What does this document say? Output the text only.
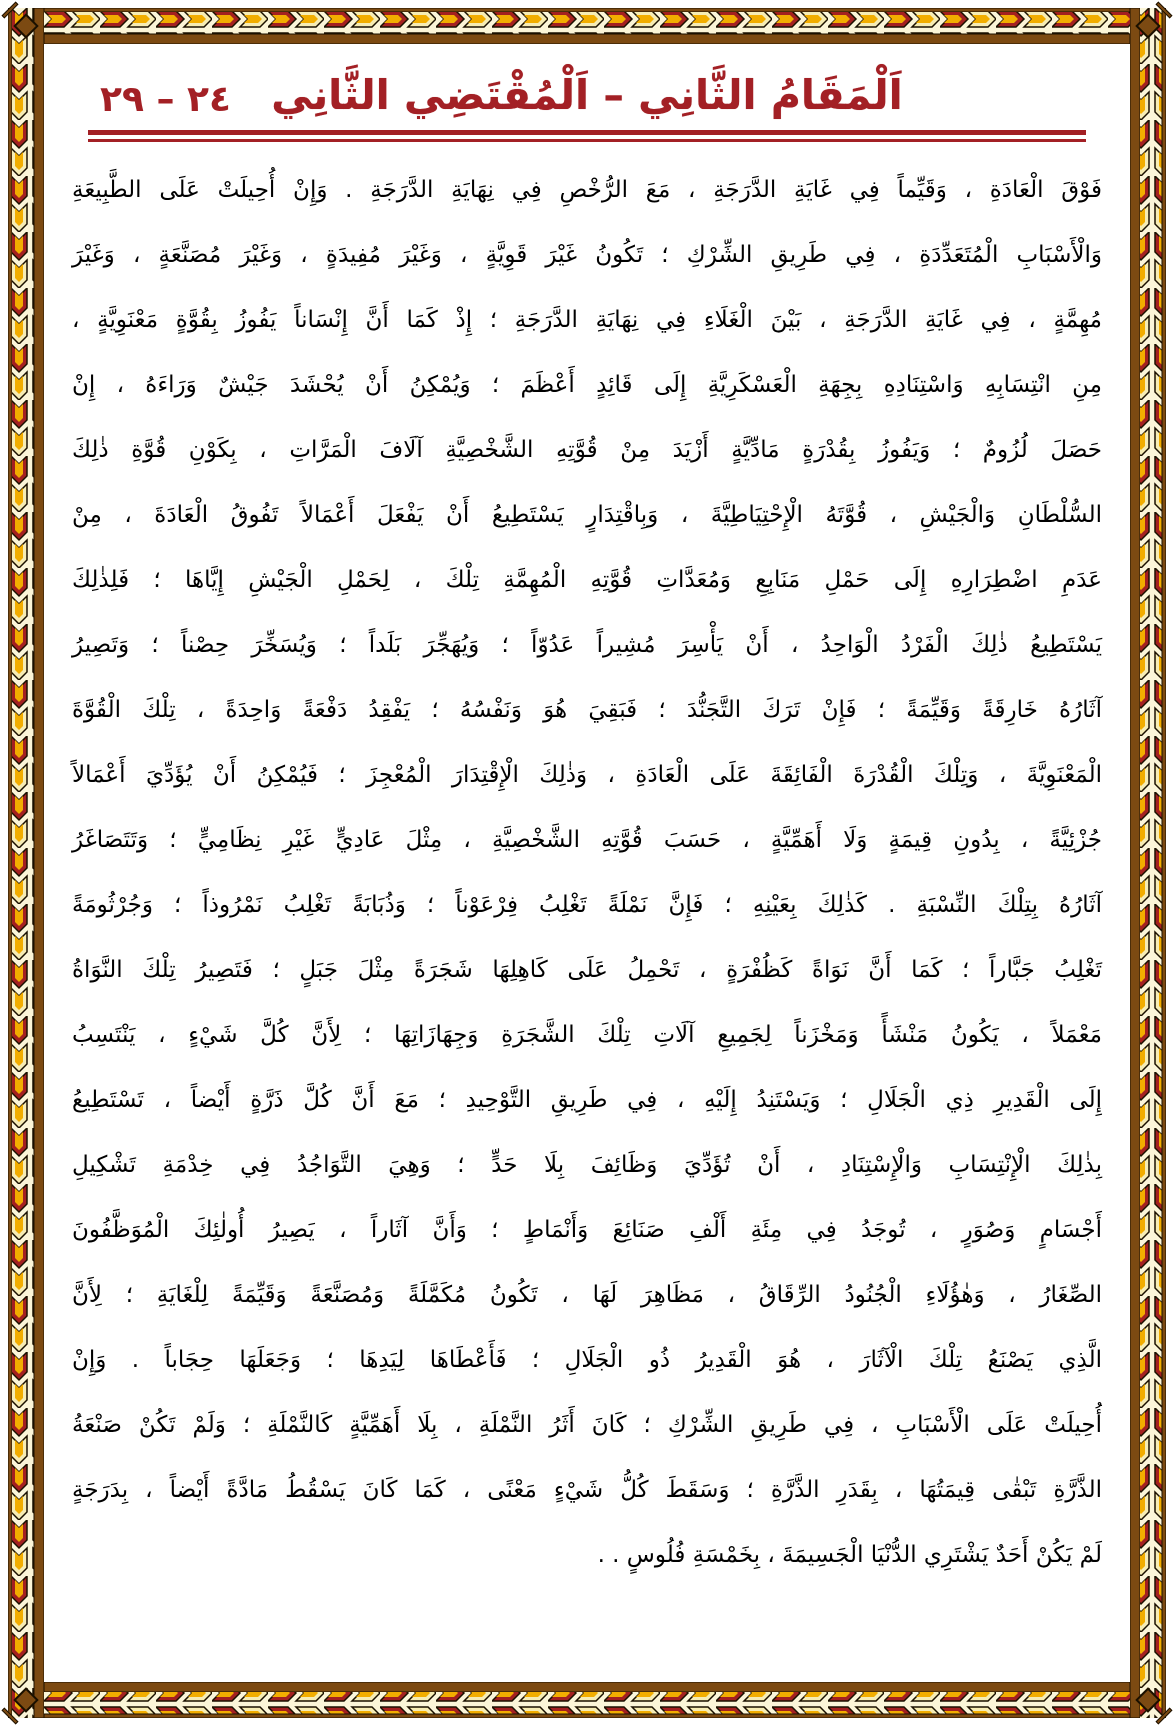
٢٤ – ٢٩ اَلْمَقَامُ الثَّانِي – اَلْمُقْتَضِي الثَّانِي
فَوْقَ الْعَادَةِ ، وَقَيِّماً فِي غَايَةِ الدَّرَجَةِ ، مَعَ الرُّخْصِ فِي نِهَايَةِ الدَّرَجَةِ . وَإِنْ أُحِيلَتْ عَلَى الطَّبِيعَةِ
وَالْأَسْبَابِ الْمُتَعَدِّدَةِ ، فِي طَرِيقِ الشِّرْكِ ؛ تَكُونُ غَيْرَ قَوِيَّةٍ ، وَغَيْرَ مُفِيدَةٍ ، وَغَيْرَ مُصَنَّعَةٍ ، وَغَيْرَ
مُهِمَّةٍ ، فِي غَايَةِ الدَّرَجَةِ ، بَيْنَ الْغَلَاءِ فِي نِهَايَةِ الدَّرَجَةِ ؛ إِذْ كَمَا أَنَّ إِنْسَاناً يَفُوزُ بِقُوَّةٍ مَعْنَوِيَّةٍ ،
مِنِ انْتِسَابِهِ وَاسْتِنَادِهِ بِجِهَةِ الْعَسْكَرِيَّةِ إِلَى قَائِدٍ أَعْظَمَ ؛ وَيُمْكِنُ أَنْ يُحْشَدَ جَيْشٌ وَرَاءَهُ ، إِنْ
حَصَلَ لُزُومٌ ؛ وَيَفُوزُ بِقُدْرَةٍ مَادِّيَّةٍ أَزْيَدَ مِنْ قُوَّتِهِ الشَّخْصِيَّةِ آلَافَ الْمَرَّاتِ ، بِكَوْنِ قُوَّةِ ذٰلِكَ
السُّلْطَانِ وَالْجَيْشِ ، قُوَّتَهُ الْإِحْتِيَاطِيَّةَ ، وَبِاقْتِدَارٍ يَسْتَطِيعُ أَنْ يَفْعَلَ أَعْمَالاً تَفُوقُ الْعَادَةَ ، مِنْ
عَدَمِ اضْطِرَارِهِ إِلَى حَمْلِ مَنَابِعِ وَمُعَدَّاتِ قُوَّتِهِ الْمُهِمَّةِ تِلْكَ ، لِحَمْلِ الْجَيْشِ إِيَّاهَا ؛ فَلِذٰلِكَ
يَسْتَطِيعُ ذٰلِكَ الْفَرْدُ الْوَاحِدُ ، أَنْ يَأْسِرَ مُشِيراً عَدُوّاً ؛ وَيُهَجِّرَ بَلَداً ؛ وَيُسَخِّرَ حِصْناً ؛ وَتَصِيرُ
آثَارُهُ خَارِقَةً وَقَيِّمَةً ؛ فَإِنْ تَرَكَ التَّجَنُّدَ ؛ فَبَقِيَ هُوَ وَنَفْسُهُ ؛ يَفْقِدُ دَفْعَةً وَاحِدَةً ، تِلْكَ الْقُوَّةَ
الْمَعْنَوِيَّةَ ، وَتِلْكَ الْقُدْرَةَ الْفَائِقَةَ عَلَى الْعَادَةِ ، وَذٰلِكَ الْإِقْتِدَارَ الْمُعْجِزَ ؛ فَيُمْكِنُ أَنْ يُؤَدِّيَ أَعْمَالاً
جُزْئِيَّةً ، بِدُونِ قِيمَةٍ وَلَا أَهَمِّيَّةٍ ، حَسَبَ قُوَّتِهِ الشَّخْصِيَّةِ ، مِثْلَ عَادِيٍّ غَيْرِ نِظَامِيٍّ ؛ وَتَتَصَاغَرُ
آثَارُهُ بِتِلْكَ النِّسْبَةِ . كَذٰلِكَ بِعَيْنِهِ ؛ فَإِنَّ نَمْلَةً تَغْلِبُ فِرْعَوْناً ؛ وَذُبَابَةً تَغْلِبُ نَمْرُوذاً ؛ وَجُرْثُومَةً
تَغْلِبُ جَبَّاراً ؛ كَمَا أَنَّ نَوَاةً كَظُفْرَةٍ ، تَحْمِلُ عَلَى كَاهِلِهَا شَجَرَةً مِثْلَ جَبَلٍ ؛ فَتَصِيرُ تِلْكَ النَّوَاةُ
مَعْمَلاً ، يَكُونُ مَنْشَأً وَمَخْزَناً لِجَمِيعِ آلَاتِ تِلْكَ الشَّجَرَةِ وَجِهَازَاتِهَا ؛ لِأَنَّ كُلَّ شَيْءٍ ، يَنْتَسِبُ
إِلَى الْقَدِيرِ ذِي الْجَلَالِ ؛ وَيَسْتَنِدُ إِلَيْهِ ، فِي طَرِيقِ التَّوْحِيدِ ؛ مَعَ أَنَّ كُلَّ ذَرَّةٍ أَيْضاً ، تَسْتَطِيعُ
بِذٰلِكَ الْإِنْتِسَابِ وَالْإِسْتِنَادِ ، أَنْ تُؤَدِّيَ وَظَائِفَ بِلَا حَدٍّ ؛ وَهِيَ التَّوَاجُدُ فِي خِدْمَةِ تَشْكِيلِ
أَجْسَامٍ وَصُوَرٍ ، تُوجَدُ فِي مِئَةِ أَلْفِ صَنَائِعَ وَأَنْمَاطٍ ؛ وَأَنَّ آثَاراً ، يَصِيرُ أُولٰئِكَ الْمُوَظَّفُونَ
الصِّغَارُ ، وَهٰؤُلَاءِ الْجُنُودُ الرِّقَاقُ ، مَظَاهِرَ لَهَا ، تَكُونُ مُكَمَّلَةً وَمُصَنَّعَةً وَقَيِّمَةً لِلْغَايَةِ ؛ لِأَنَّ
الَّذِي يَصْنَعُ تِلْكَ الْآثَارَ ، هُوَ الْقَدِيرُ ذُو الْجَلَالِ ؛ فَأَعْطَاهَا لِيَدِهَا ؛ وَجَعَلَهَا حِجَاباً . وَإِنْ
أُحِيلَتْ عَلَى الْأَسْبَابِ ، فِي طَرِيقِ الشِّرْكِ ؛ كَانَ أَثَرُ النَّمْلَةِ ، بِلَا أَهَمِّيَّةٍ كَالنَّمْلَةِ ؛ وَلَمْ تَكُنْ صَنْعَةُ
الذَّرَّةِ تَبْقٰى قِيمَتُهَا ، بِقَدَرِ الذَّرَّةِ ؛ وَسَقَطَ كُلُّ شَيْءٍ مَعْنًى ، كَمَا كَانَ يَسْقُطُ مَادَّةً أَيْضاً ، بِدَرَجَةٍ
لَمْ يَكُنْ أَحَدٌ يَشْتَرِي الدُّنْيَا الْجَسِيمَةَ ، بِخَمْسَةِ فُلُوسٍ . .
